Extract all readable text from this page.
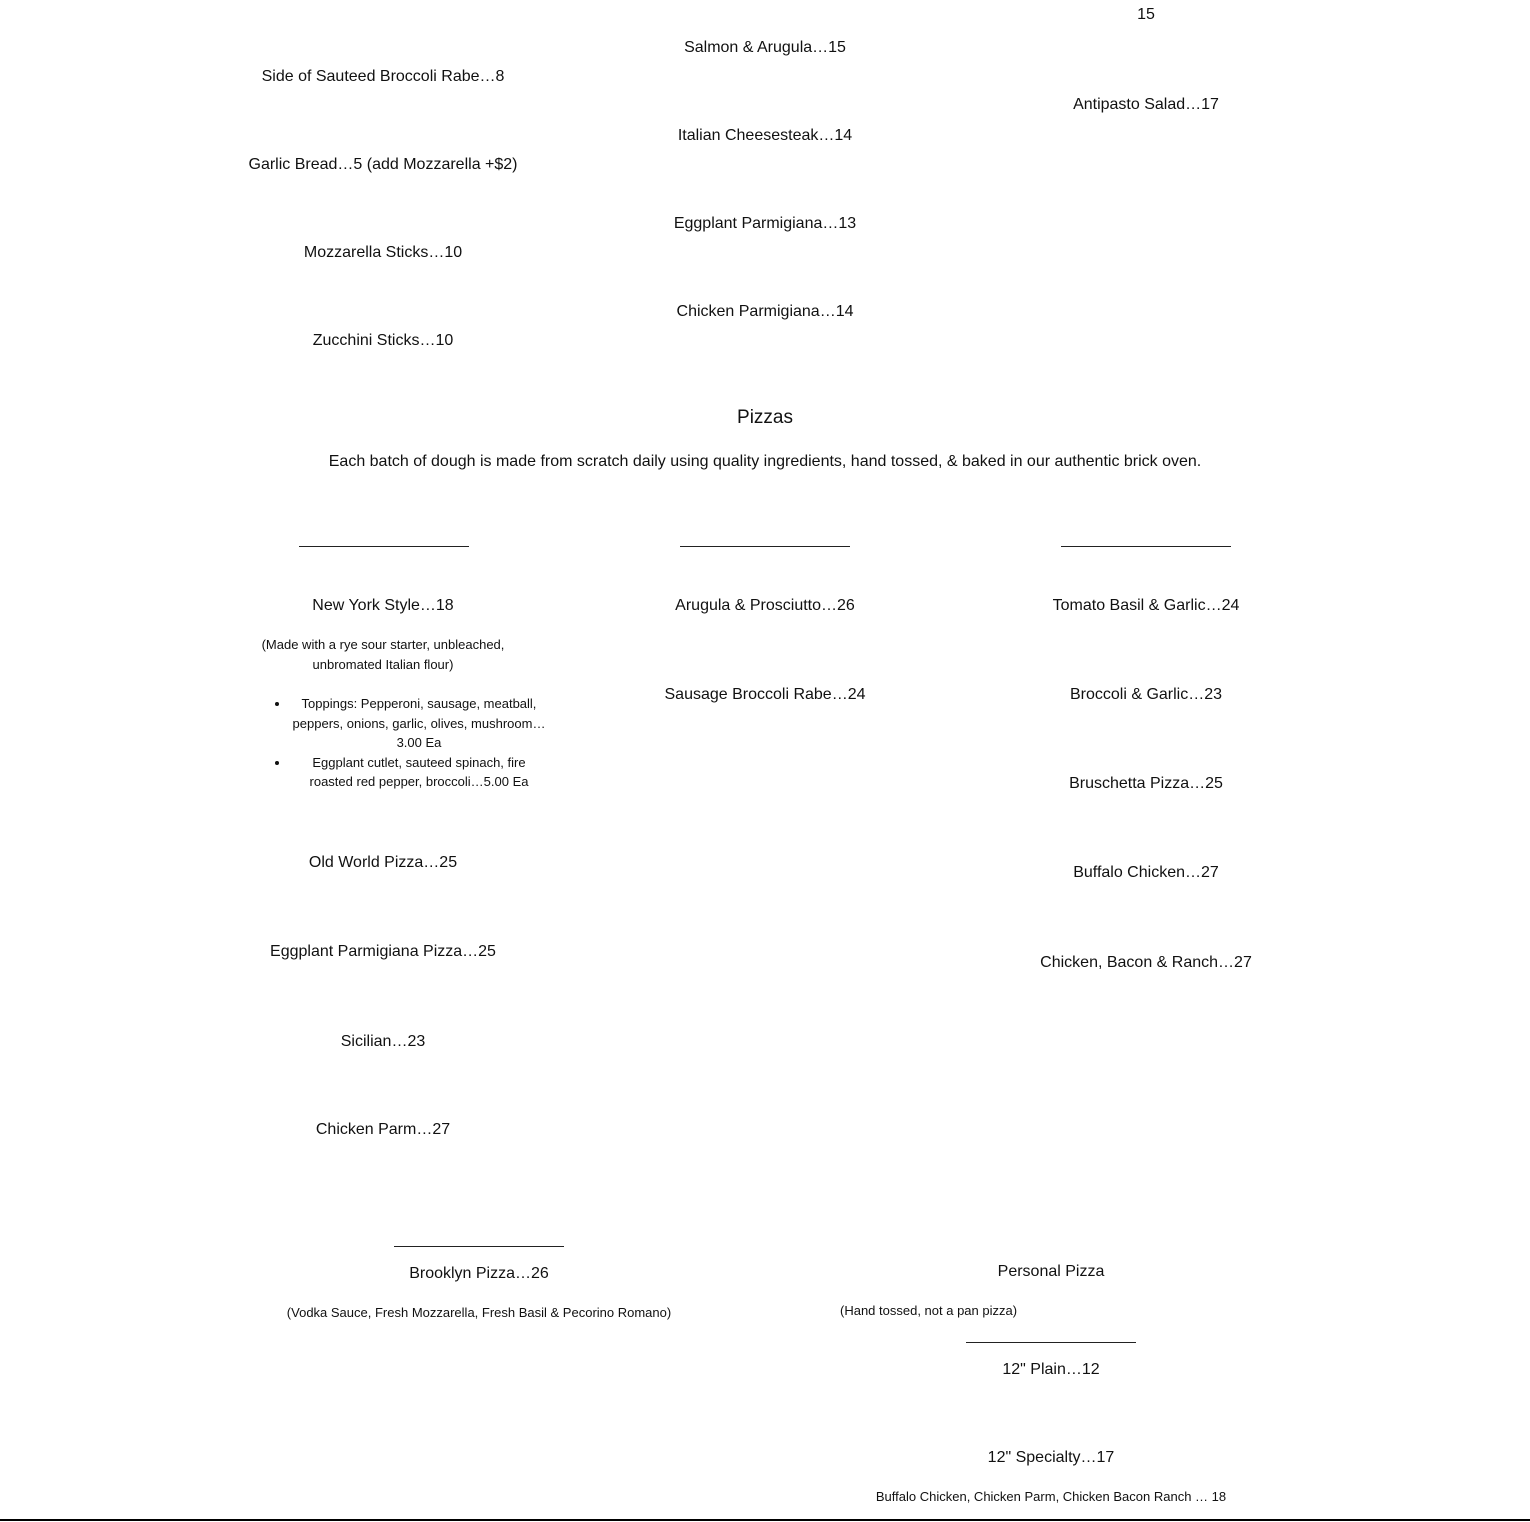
15
Side of Sauteed Broccoli Rabe…8
Garlic Bread…5 (add Mozzarella +$2)
Mozzarella Sticks…10
Zucchini Sticks…10
Salmon & Arugula…15
Italian Cheesesteak…14
Eggplant Parmigiana…13
Chicken Parmigiana…14
Antipasto Salad…17
Pizzas
Each batch of dough is made from scratch daily using quality ingredients, hand tossed, & baked in our authentic brick oven.
New York Style…18
(Made with a rye sour starter, unbleached, unbromated Italian flour)
• Toppings: Pepperoni, sausage, meatball, peppers, onions, garlic, olives, mushroom…3.00 Ea
• Eggplant cutlet, sauteed spinach, fire roasted red pepper, broccoli…5.00 Ea
Old World Pizza…25
Eggplant Parmigiana Pizza…25
Sicilian…23
Chicken Parm…27
Arugula & Prosciutto…26
Sausage Broccoli Rabe…24
Tomato Basil & Garlic…24
Broccoli & Garlic…23
Bruschetta Pizza…25
Buffalo Chicken…27
Chicken, Bacon & Ranch…27
Brooklyn Pizza…26
(Vodka Sauce, Fresh Mozzarella, Fresh Basil & Pecorino Romano)
Personal Pizza
(Hand tossed, not a pan pizza)
12" Plain…12
12" Specialty…17
Buffalo Chicken, Chicken Parm, Chicken Bacon Ranch … 18
